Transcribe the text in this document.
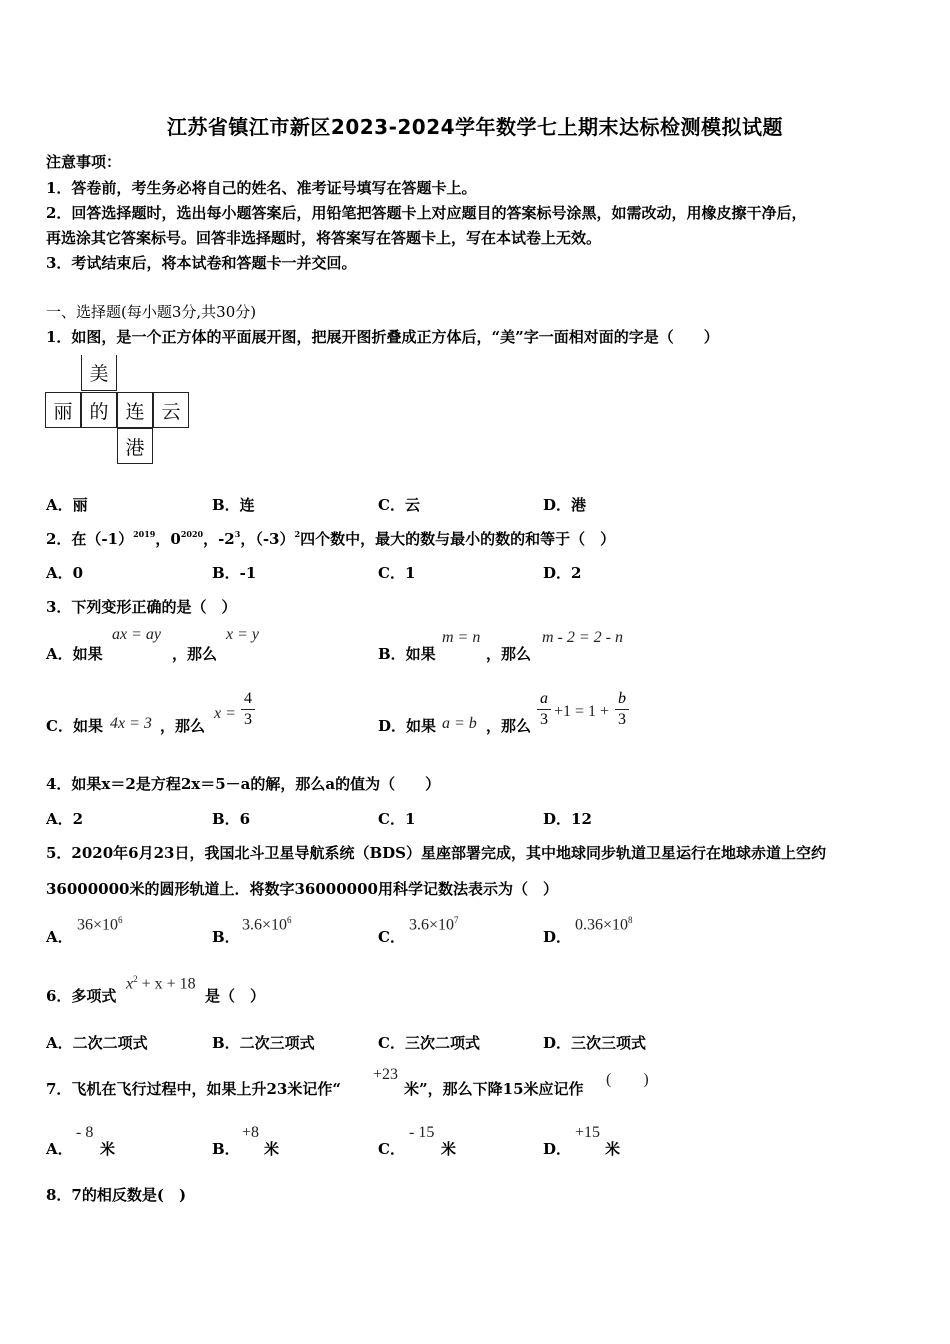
江苏省镇江市新区2023-2024学年数学七上期末达标检测模拟试题
注意事项：
1．答卷前，考生务必将自己的姓名、准考证号填写在答题卡上。
2．回答选择题时，选出每小题答案后，用铅笔把答题卡上对应题目的答案标号涂黑，如需改动，用橡皮擦干净后，
再选涂其它答案标号。回答非选择题时，将答案写在答题卡上，写在本试卷上无效。
3．考试结束后，将本试卷和答题卡一并交回。
一、选择题(每小题3分,共30分)
1．如图，是一个正方体的平面展开图，把展开图折叠成正方体后，“美”字一面相对面的字是（　　）
美
丽 的 连 云
港
A．丽	B．连	C．云	D．港
2．在$(-1)^{2019}$，$0^{2020}$，$-2^3$，$(-3)^2$四个数中，最大的数与最小的数的和等于（　）
A．0	B．-1	C．1	D．2
3．下列变形正确的是（　）
A．如果
ax = ay
，那么
x = y
B．如果
m = n
，那么
m - 2 = 2 - n
C．如果 4x = 3 ，那么
x =
4
3	D．如果 a = b ，那么
a
3 +1 = 1 +
b
3
4．如果x＝2是方程2x＝5－a的解，那么a的值为（　　）
A．2	B．6	C．1	D．12
5．2020年6月23日，我国北斗卫星导航系统（BDS）星座部署完成，其中地球同步轨道卫星运行在地球赤道上空约
36000000米的圆形轨道上．将数字36000000用科学记数法表示为（　）
A．
$36\times 10^6$
B．
$3.6\times 10^6$
C．
$3.6\times 10^7$
D．
$0.36\times 10^8$
6．多项式
$x^2 + x + 18$
是（　）
A．二次二项式	B．二次三项式	C．三次二项式	D．三次三项式
7．飞机在飞行过程中，如果上升23米记作“
+23
米”，那么下降15米应记作
(　　)
A．
- 8
米	B．
+8
米	C．
- 15
米	D．
+15
米
8．7的相反数是(　)
